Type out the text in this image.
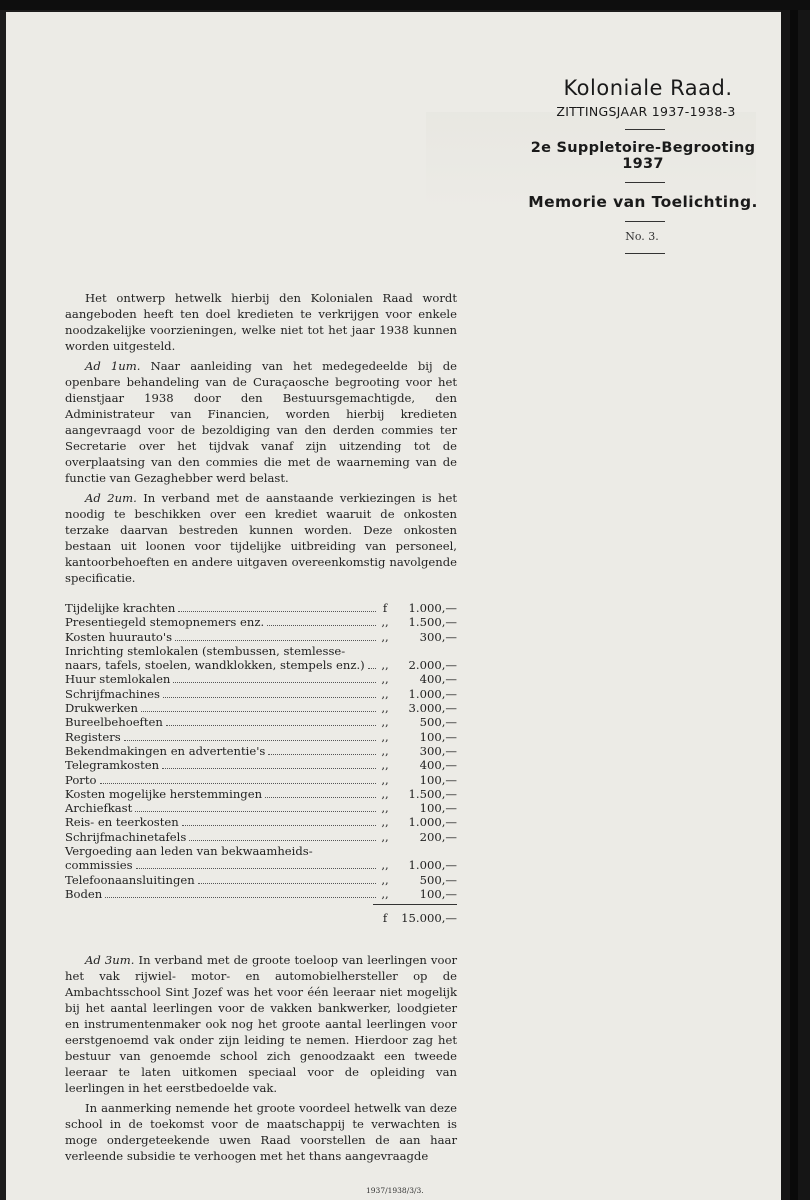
Koloniale Raad.
ZITTINGSJAAR 1937-1938-3
2e Suppletoire-Begrooting 1937
Memorie van Toelichting.
No. 3.

Het ontwerp hetwelk hierbij den Kolonialen Raad wordt aangeboden heeft ten doel kredieten te verkrijgen voor enkele noodzakelijke voorzieningen, welke niet tot het jaar 1938 kunnen worden uitgesteld.

Ad 1um. Naar aanleiding van het medegedeelde bij de openbare behandeling van de Curaçaosche begrooting voor het dienstjaar 1938 door den Bestuursgemachtigde, den Administrateur van Financien, worden hierbij kredieten aangevraagd voor de bezoldiging van den derden commies ter Secretarie over het tijdvak vanaf zijn uitzending tot de overplaatsing van den commies die met de waarneming van de functie van Gezaghebber werd belast.

Ad 2um. In verband met de aanstaande verkiezingen is het noodig te beschikken over een krediet waaruit de onkosten terzake daarvan bestreden kunnen worden. Deze onkosten bestaan uit loonen voor tijdelijke uitbreiding van personeel, kantoorbehoeften en andere uitgaven overeenkomstig navolgende specificatie.

Tijdelijke krachten	f	1.000,—
Presentiegeld stemopnemers enz.	,,	1.500,—
Kosten huurauto's	,,	300,—
Inrichting stemlokalen (stembussen, stemlesse-
naars, tafels, stoelen, wandklokken, stempels enz.) ,,	2.000,—
Huur stemlokalen	,,	400,—
Schrijfmachines	,,	1.000,—
Drukwerken	,,	3.000,—
Bureelbehoeften	,,	500,—
Registers	,,	100,—
Bekendmakingen en advertentie's	,,	300,—
Telegramkosten	,,	400,—
Porto	,,	100,—
Kosten mogelijke herstemmingen	,,	1.500,—
Archiefkast	,,	100,—
Reis- en teerkosten	,,	1.000,—
Schrijfmachinetafels	,,	200,—
Vergoeding aan leden van bekwaamheids-
commissies	,,	1.000,—
Telefoonaansluitingen	,,	500,—
Boden	,,	100,—
f	15.000,—

Ad 3um. In verband met de groote toeloop van leerlingen voor het vak rijwiel- motor- en automobielhersteller op de Ambachtsschool Sint Jozef was het voor één leeraar niet mogelijk bij het aantal leerlingen voor de vakken bankwerker, loodgieter en instrumentenmaker ook nog het groote aantal leerlingen voor eerstgenoemd vak onder zijn leiding te nemen. Hierdoor zag het bestuur van genoemde school zich genoodzaakt een tweede leeraar te laten uitkomen speciaal voor de opleiding van leerlingen in het eerstbedoelde vak.

In aanmerking nemende het groote voordeel hetwelk van deze school in de toekomst voor de maatschappij te verwachten is moge ondergeteekende uwen Raad voorstellen de aan haar verleende subsidie te verhoogen met het thans aangevraagde

1937/1938/3/3.
